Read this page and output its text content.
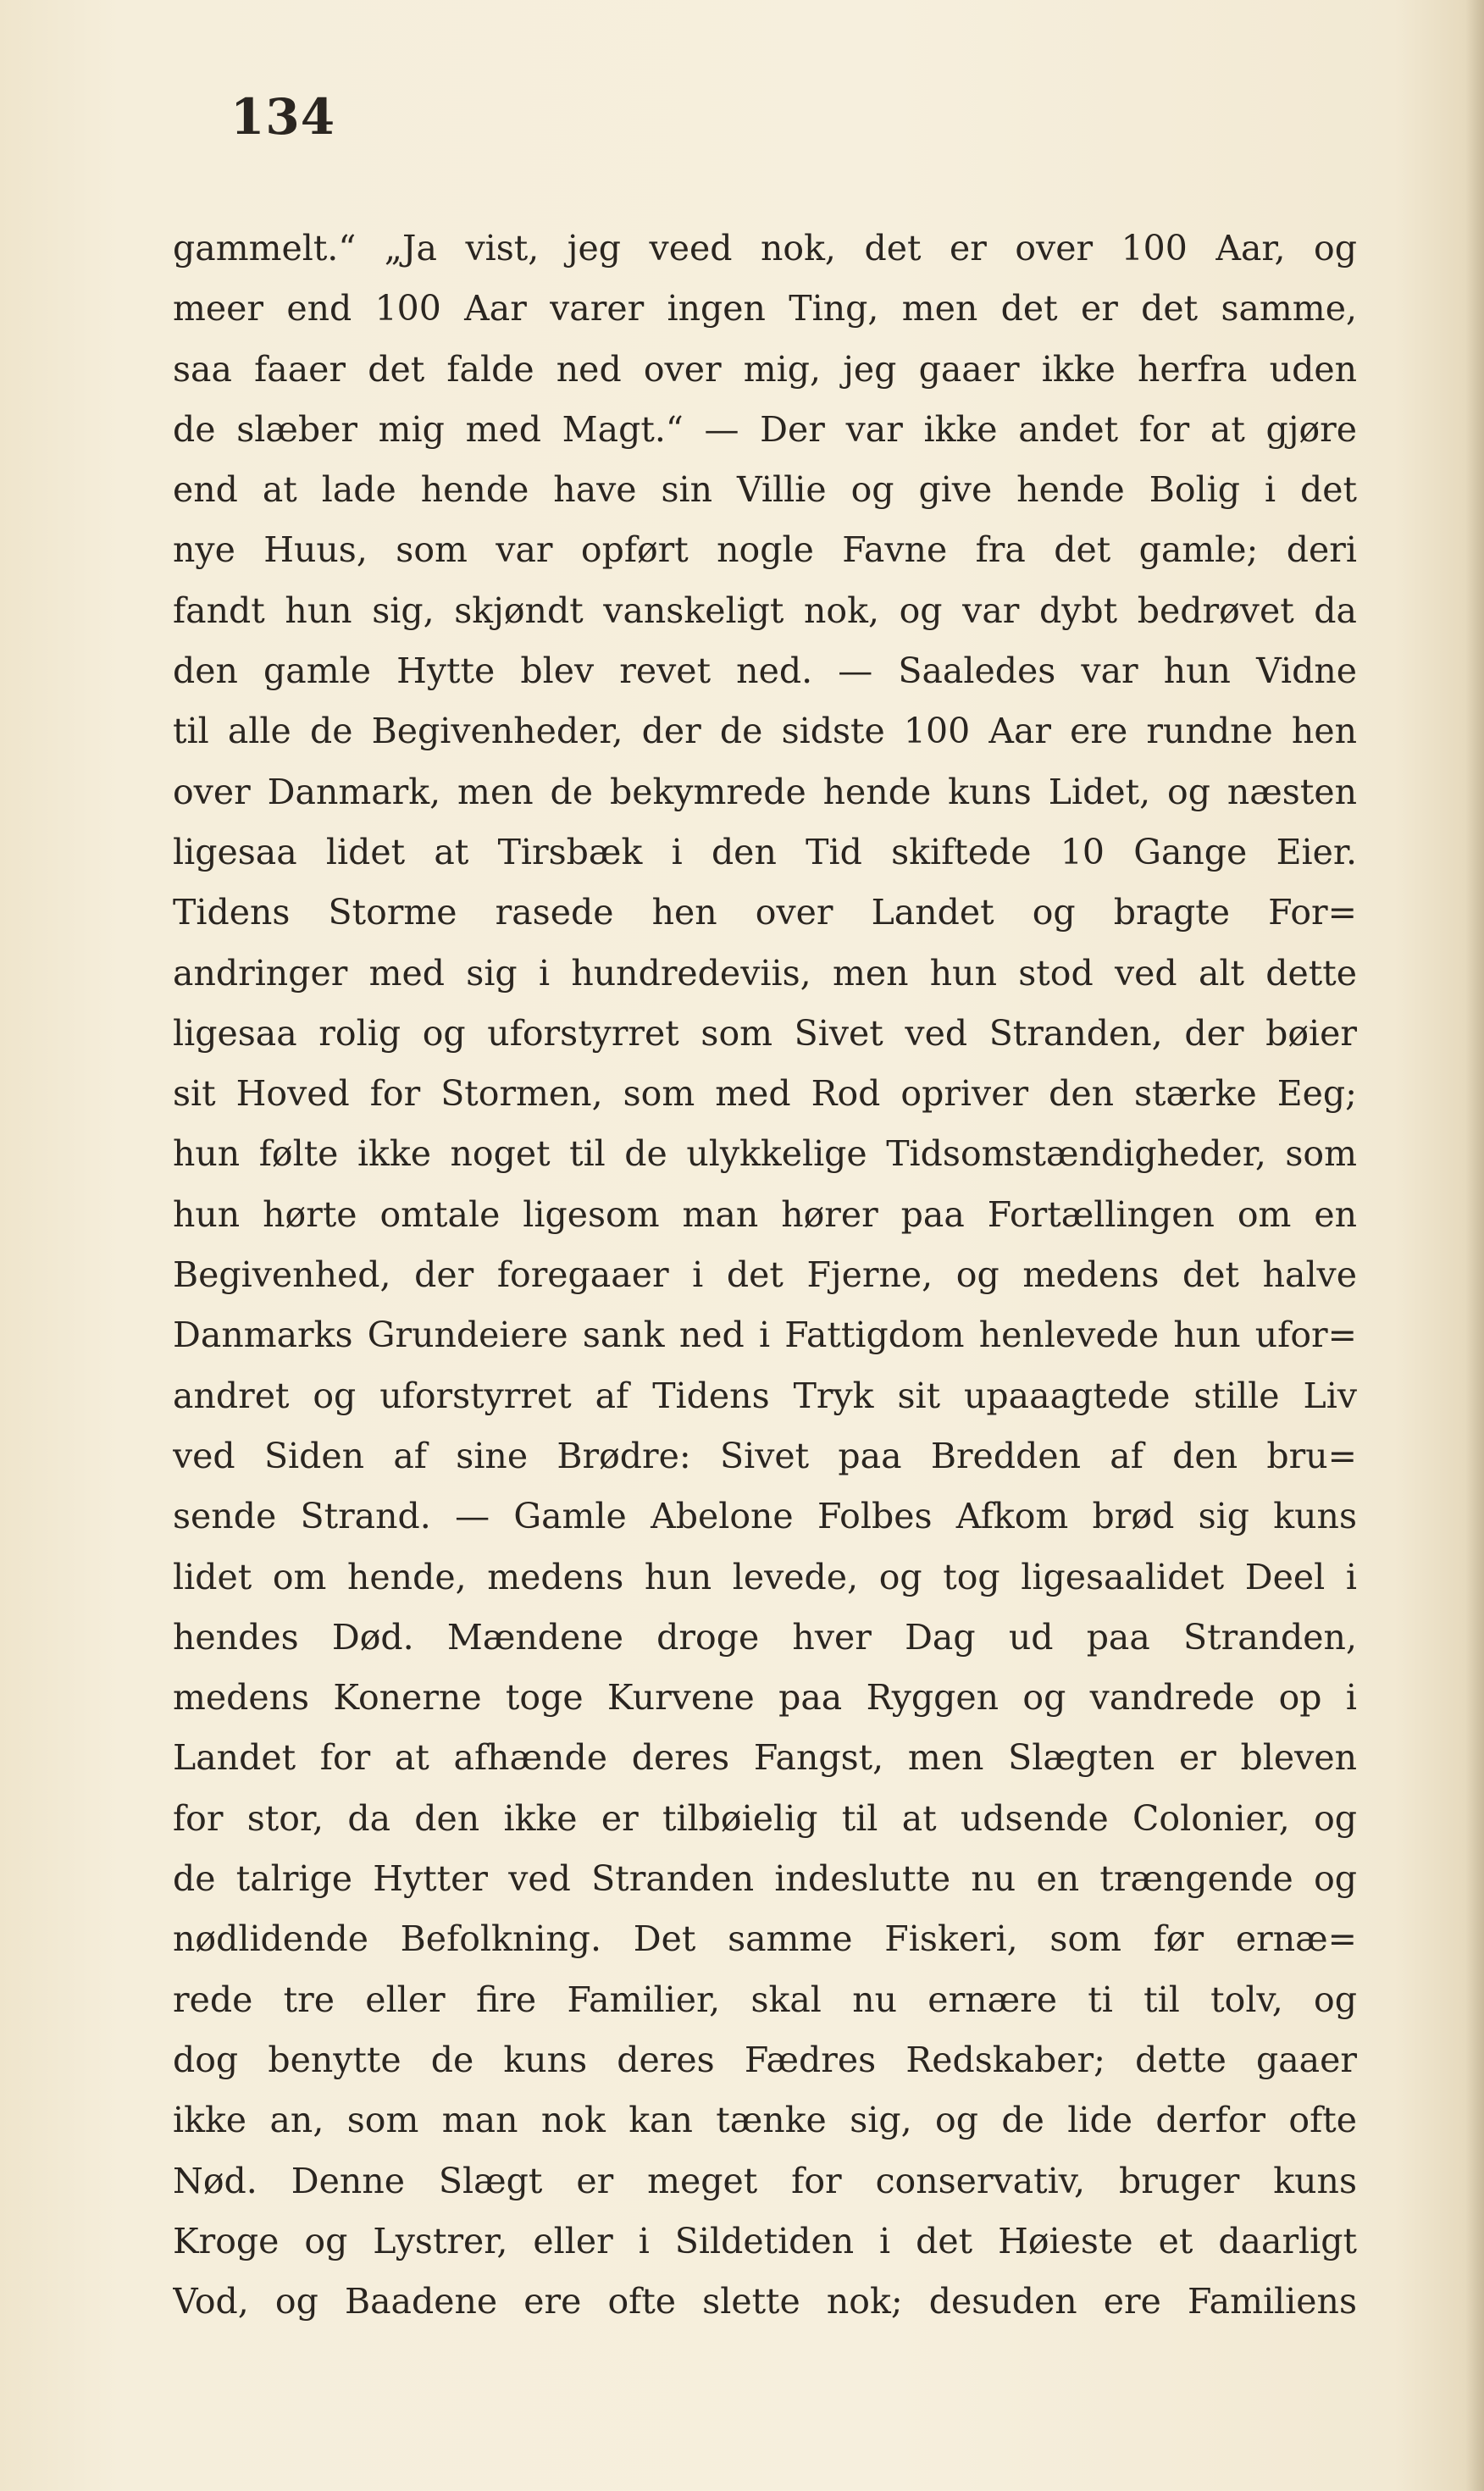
134
gammelt.“ „Ja vist, jeg veed nok, det er over 100 Aar, og
meer end 100 Aar varer ingen Ting, men det er det samme,
saa faaer det falde ned over mig, jeg gaaer ikke herfra uden
de slæber mig med Magt.“ — Der var ikke andet for at gjøre
end at lade hende have sin Villie og give hende Bolig i det
nye Huus, som var opført nogle Favne fra det gamle; deri
fandt hun sig, skjøndt vanskeligt nok, og var dybt bedrøvet da
den gamle Hytte blev revet ned. — Saaledes var hun Vidne
til alle de Begivenheder, der de sidste 100 Aar ere rundne hen
over Danmark, men de bekymrede hende kuns Lidet, og næsten
ligesaa lidet at Tirsbæk i den Tid skiftede 10 Gange Eier.
Tidens Storme rasede hen over Landet og bragte For=
andringer med sig i hundredeviis, men hun stod ved alt dette
ligesaa rolig og uforstyrret som Sivet ved Stranden, der bøier
sit Hoved for Stormen, som med Rod opriver den stærke Eeg;
hun følte ikke noget til de ulykkelige Tidsomstændigheder, som
hun hørte omtale ligesom man hører paa Fortællingen om en
Begivenhed, der foregaaer i det Fjerne, og medens det halve
Danmarks Grundeiere sank ned i Fattigdom henlevede hun ufor=
andret og uforstyrret af Tidens Tryk sit upaaagtede stille Liv
ved Siden af sine Brødre: Sivet paa Bredden af den bru=
sende Strand. — Gamle Abelone Folbes Afkom brød sig kuns
lidet om hende, medens hun levede, og tog ligesaalidet Deel i
hendes Død. Mændene droge hver Dag ud paa Stranden,
medens Konerne toge Kurvene paa Ryggen og vandrede op i
Landet for at afhænde deres Fangst, men Slægten er bleven
for stor, da den ikke er tilbøielig til at udsende Colonier, og
de talrige Hytter ved Stranden indeslutte nu en trængende og
nødlidende Befolkning. Det samme Fiskeri, som før ernæ=
rede tre eller fire Familier, skal nu ernære ti til tolv, og
dog benytte de kuns deres Fædres Redskaber; dette gaaer
ikke an, som man nok kan tænke sig, og de lide derfor ofte
Nød. Denne Slægt er meget for conservativ, bruger kuns
Kroge og Lystrer, eller i Sildetiden i det Høieste et daarligt
Vod, og Baadene ere ofte slette nok; desuden ere Familiens
